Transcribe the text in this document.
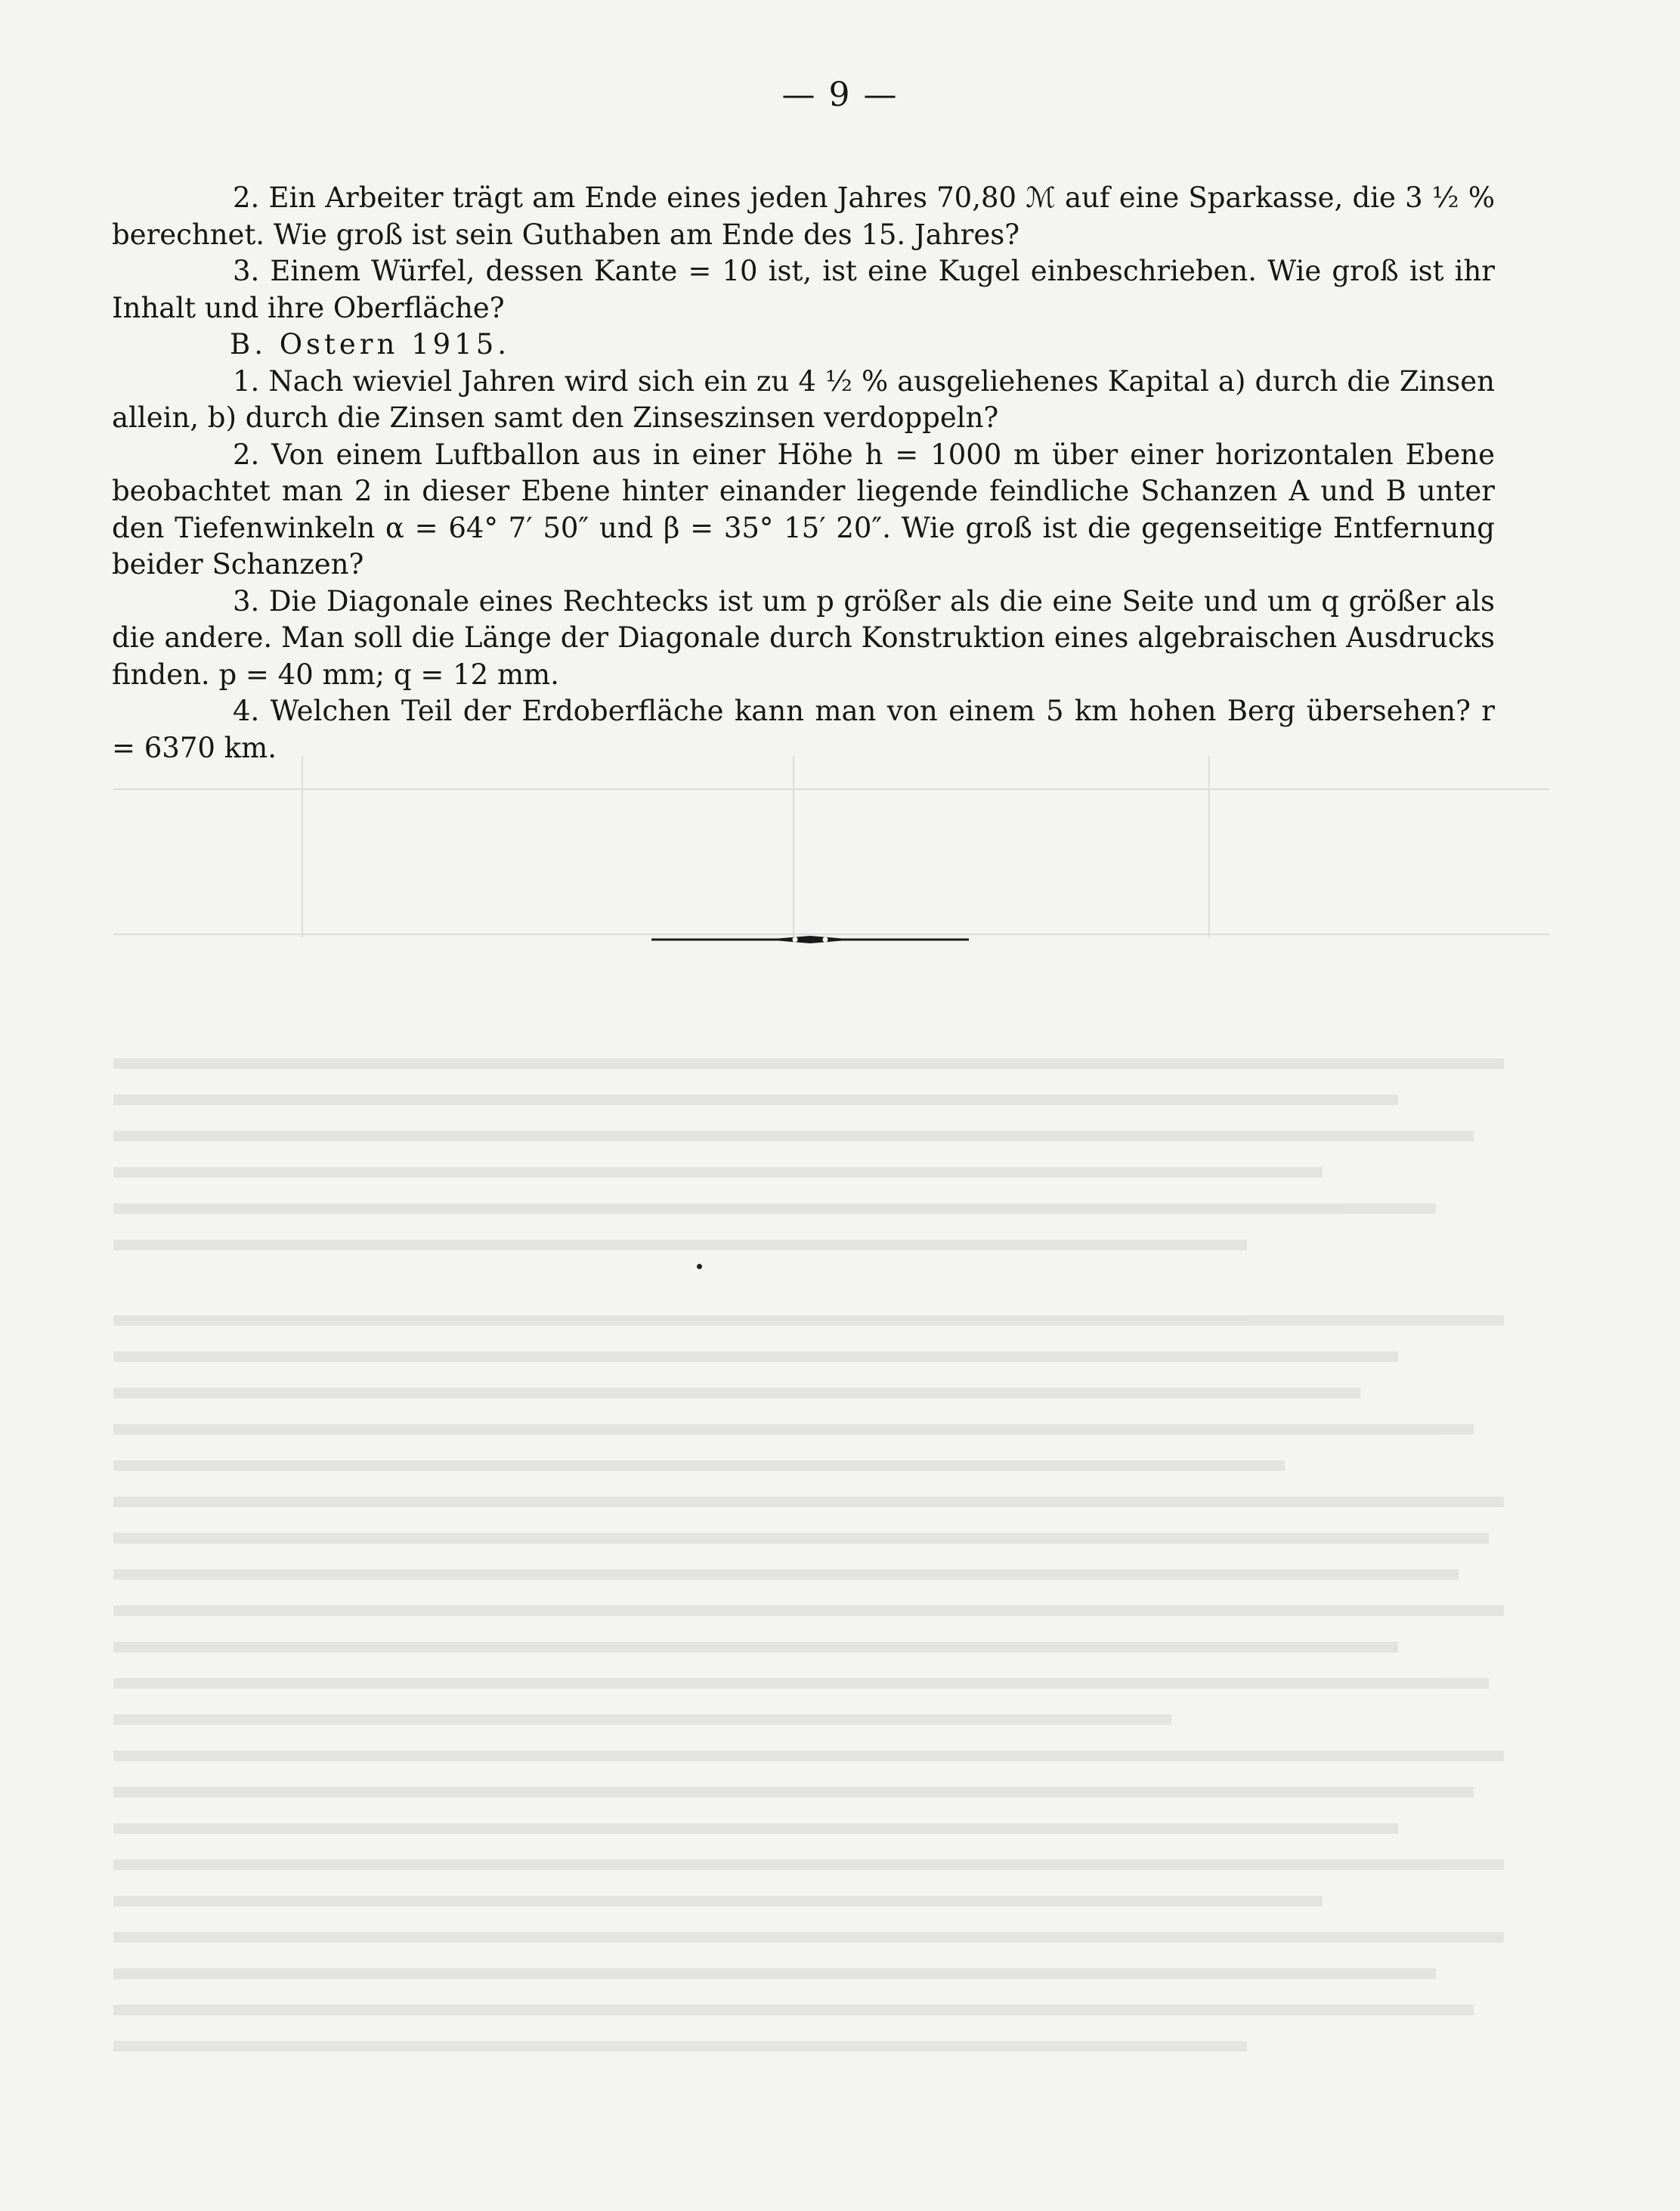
— 9 —

2. Ein Arbeiter trägt am Ende eines jeden Jahres 70,80 ℳ auf eine Sparkasse, die 3 ½ % berechnet. Wie groß ist sein Guthaben am Ende des 15. Jahres?

3. Einem Würfel, dessen Kante = 10 ist, ist eine Kugel einbeschrieben. Wie groß ist ihr Inhalt und ihre Oberfläche?

B. Ostern 1915.

1. Nach wieviel Jahren wird sich ein zu 4 ½ % ausgeliehenes Kapital a) durch die Zinsen allein, b) durch die Zinsen samt den Zinseszinsen verdoppeln?

2. Von einem Luftballon aus in einer Höhe h = 1000 m über einer horizontalen Ebene beobachtet man 2 in dieser Ebene hinter einander liegende feindliche Schanzen A und B unter den Tiefenwinkeln α = 64° 7′ 50″ und β = 35° 15′ 20″. Wie groß ist die gegenseitige Entfernung beider Schanzen?

3. Die Diagonale eines Rechtecks ist um p größer als die eine Seite und um q größer als die andere. Man soll die Länge der Diagonale durch Konstruktion eines algebraischen Ausdrucks finden. p = 40 mm; q = 12 mm.

4. Welchen Teil der Erdoberfläche kann man von einem 5 km hohen Berg übersehen? r = 6370 km.
